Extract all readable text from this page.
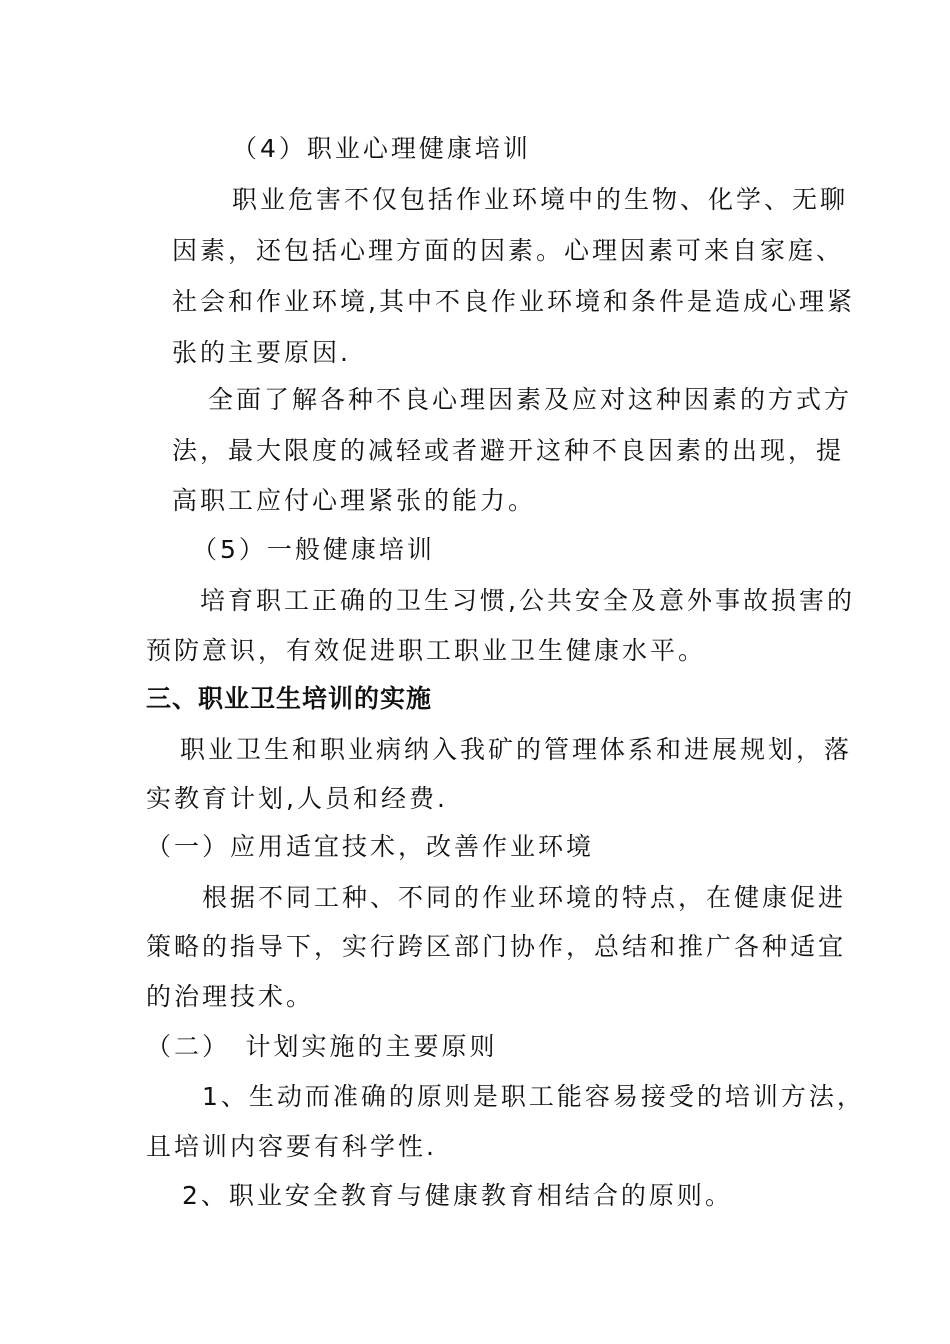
（4）职业心理健康培训
职业危害不仅包括作业环境中的生物、化学、无聊
因素，还包括心理方面的因素。心理因素可来自家庭、
社会和作业环境,其中不良作业环境和条件是造成心理紧
张的主要原因.
全面了解各种不良心理因素及应对这种因素的方式方
法，最大限度的减轻或者避开这种不良因素的出现，提
高职工应付心理紧张的能力。
（5）一般健康培训
培育职工正确的卫生习惯,公共安全及意外事故损害的
预防意识，有效促进职工职业卫生健康水平。
三、职业卫生培训的实施
职业卫生和职业病纳入我矿的管理体系和进展规划，落
实教育计划,人员和经费.
（一）应用适宜技术，改善作业环境
根据不同工种、不同的作业环境的特点，在健康促进
策略的指导下，实行跨区部门协作，总结和推广各种适宜
的治理技术。
（二）　计划实施的主要原则
1、生动而准确的原则是职工能容易接受的培训方法，
且培训内容要有科学性.
2、职业安全教育与健康教育相结合的原则。
